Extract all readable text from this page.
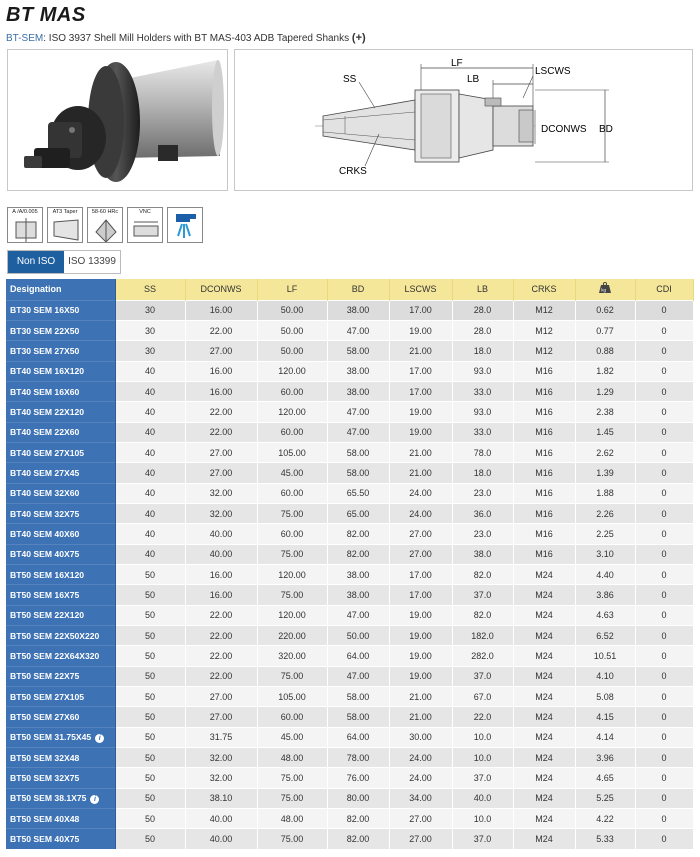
BT MAS
BT-SEM: ISO 3937 Shell Mill Holders with BT MAS-403 ADB Tapered Shanks (+)
LF
LB
LSCWS
DCONWS BD
SS
CRKS
A /A/0.005	AT3 Taper	58-60 HRc	VNC
Non ISO	ISO 13399
Designation	SS	DCONWS	LF	BD	LSCWS	LB	CRKS	kg	CDI
BT30 SEM 16X50	30	16.00	50.00	38.00	17.00	28.0	M12	0.62	0
BT30 SEM 22X50	30	22.00	50.00	47.00	19.00	28.0	M12	0.77	0
BT30 SEM 27X50	30	27.00	50.00	58.00	21.00	18.0	M12	0.88	0
BT40 SEM 16X120	40	16.00	120.00	38.00	17.00	93.0	M16	1.82	0
BT40 SEM 16X60	40	16.00	60.00	38.00	17.00	33.0	M16	1.29	0
BT40 SEM 22X120	40	22.00	120.00	47.00	19.00	93.0	M16	2.38	0
BT40 SEM 22X60	40	22.00	60.00	47.00	19.00	33.0	M16	1.45	0
BT40 SEM 27X105	40	27.00	105.00	58.00	21.00	78.0	M16	2.62	0
BT40 SEM 27X45	40	27.00	45.00	58.00	21.00	18.0	M16	1.39	0
BT40 SEM 32X60	40	32.00	60.00	65.50	24.00	23.0	M16	1.88	0
BT40 SEM 32X75	40	32.00	75.00	65.00	24.00	36.0	M16	2.26	0
BT40 SEM 40X60	40	40.00	60.00	82.00	27.00	23.0	M16	2.25	0
BT40 SEM 40X75	40	40.00	75.00	82.00	27.00	38.0	M16	3.10	0
BT50 SEM 16X120	50	16.00	120.00	38.00	17.00	82.0	M24	4.40	0
BT50 SEM 16X75	50	16.00	75.00	38.00	17.00	37.0	M24	3.86	0
BT50 SEM 22X120	50	22.00	120.00	47.00	19.00	82.0	M24	4.63	0
BT50 SEM 22X50X220	50	22.00	220.00	50.00	19.00	182.0	M24	6.52	0
BT50 SEM 22X64X320	50	22.00	320.00	64.00	19.00	282.0	M24	10.51	0
BT50 SEM 22X75	50	22.00	75.00	47.00	19.00	37.0	M24	4.10	0
BT50 SEM 27X105	50	27.00	105.00	58.00	21.00	67.0	M24	5.08	0
BT50 SEM 27X60	50	27.00	60.00	58.00	21.00	22.0	M24	4.15	0
BT50 SEM 31.75X45 i	50	31.75	45.00	64.00	30.00	10.0	M24	4.14	0
BT50 SEM 32X48	50	32.00	48.00	78.00	24.00	10.0	M24	3.96	0
BT50 SEM 32X75	50	32.00	75.00	76.00	24.00	37.0	M24	4.65	0
BT50 SEM 38.1X75 i	50	38.10	75.00	80.00	34.00	40.0	M24	5.25	0
BT50 SEM 40X48	50	40.00	48.00	82.00	27.00	10.0	M24	4.22	0
BT50 SEM 40X75	50	40.00	75.00	82.00	27.00	37.0	M24	5.33	0
